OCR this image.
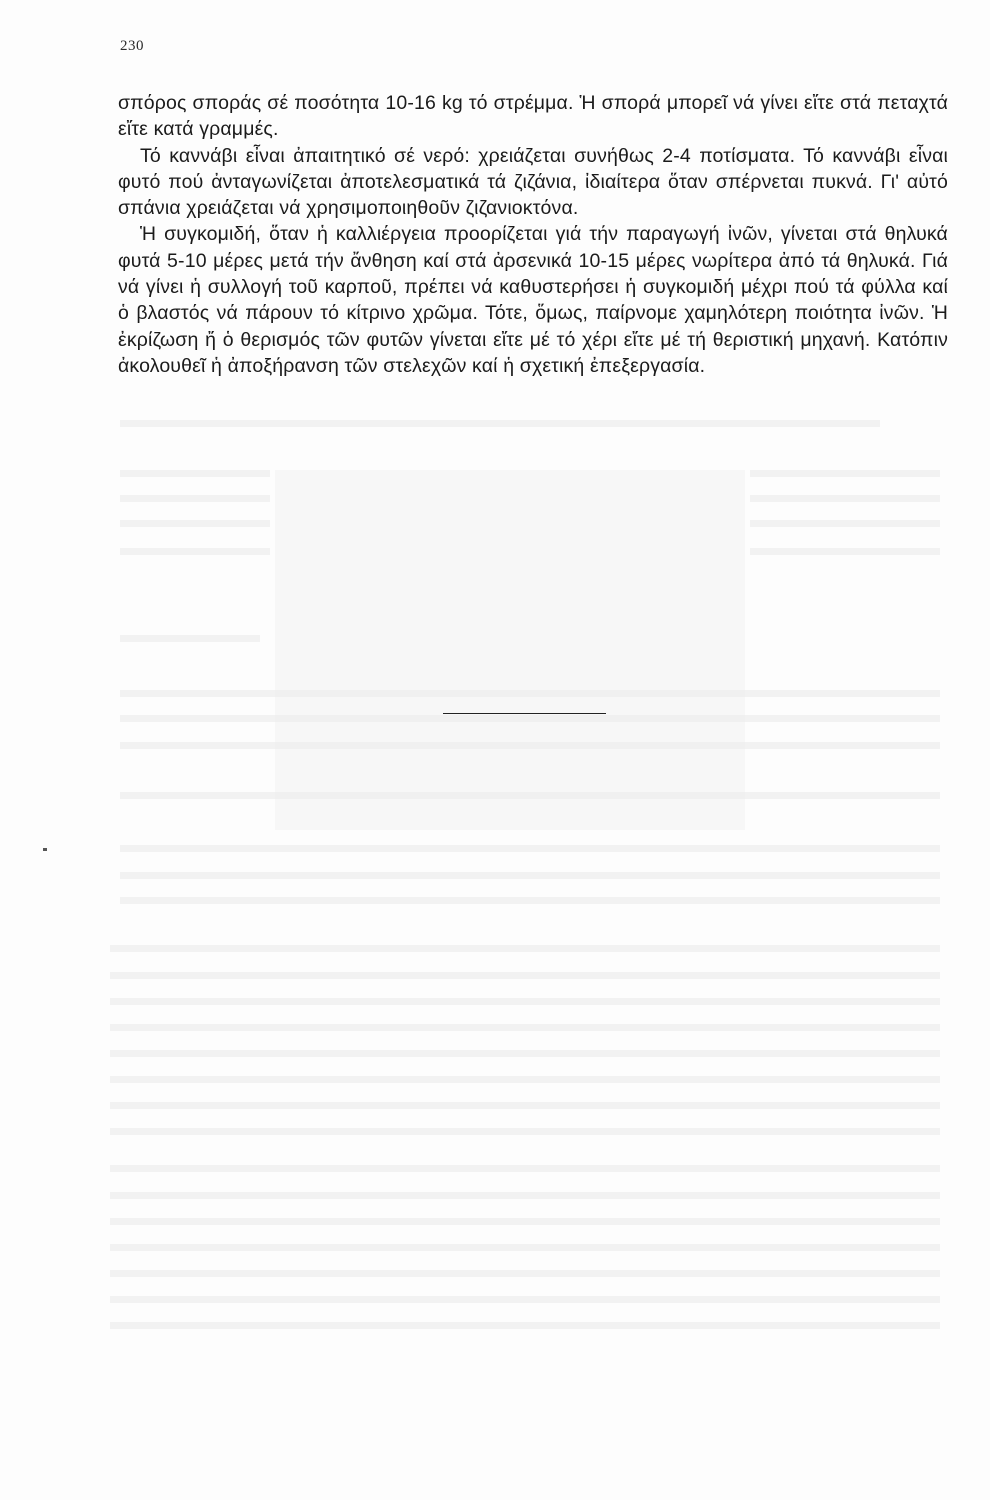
230

σπόρος σποράς σέ ποσότητα 10-16 kg τό στρέμμα. Ἡ σπορά μπορεῖ νά γίνει εἴτε στά πεταχτά εἴτε κατά γραμμές.

Τό καννάβι εἶναι ἀπαιτητικό σέ νερό: χρειάζεται συνήθως 2-4 ποτίσματα. Τό καννάβι εἶναι φυτό πού ἀνταγωνίζεται ἀποτελεσματικά τά ζιζάνια, ἰδιαίτερα ὅταν σπέρνεται πυκνά. Γι' αὐτό σπάνια χρειάζεται νά χρησιμοποιηθοῦν ζιζανιοκτόνα.

Ἡ συγκομιδή, ὅταν ἡ καλλιέργεια προορίζεται γιά τήν παραγωγή ἰνῶν, γίνεται στά θηλυκά φυτά 5-10 μέρες μετά τήν ἄνθηση καί στά ἀρσενικά 10-15 μέρες νωρίτερα ἀπό τά θηλυκά. Γιά νά γίνει ἡ συλλογή τοῦ καρποῦ, πρέπει νά καθυστερήσει ἡ συγκομιδή μέχρι πού τά φύλλα καί ὁ βλαστός νά πάρουν τό κίτρινο χρῶμα. Τότε, ὅμως, παίρνομε χαμηλότερη ποιότητα ἰνῶν. Ἡ ἐκρίζωση ἤ ὁ θερισμός τῶν φυτῶν γίνεται εἴτε μέ τό χέρι εἴτε μέ τή θεριστική μηχανή. Κατόπιν ἀκολουθεῖ ἡ ἀποξήρανση τῶν στελεχῶν καί ἡ σχετική ἐπεξεργασία.
